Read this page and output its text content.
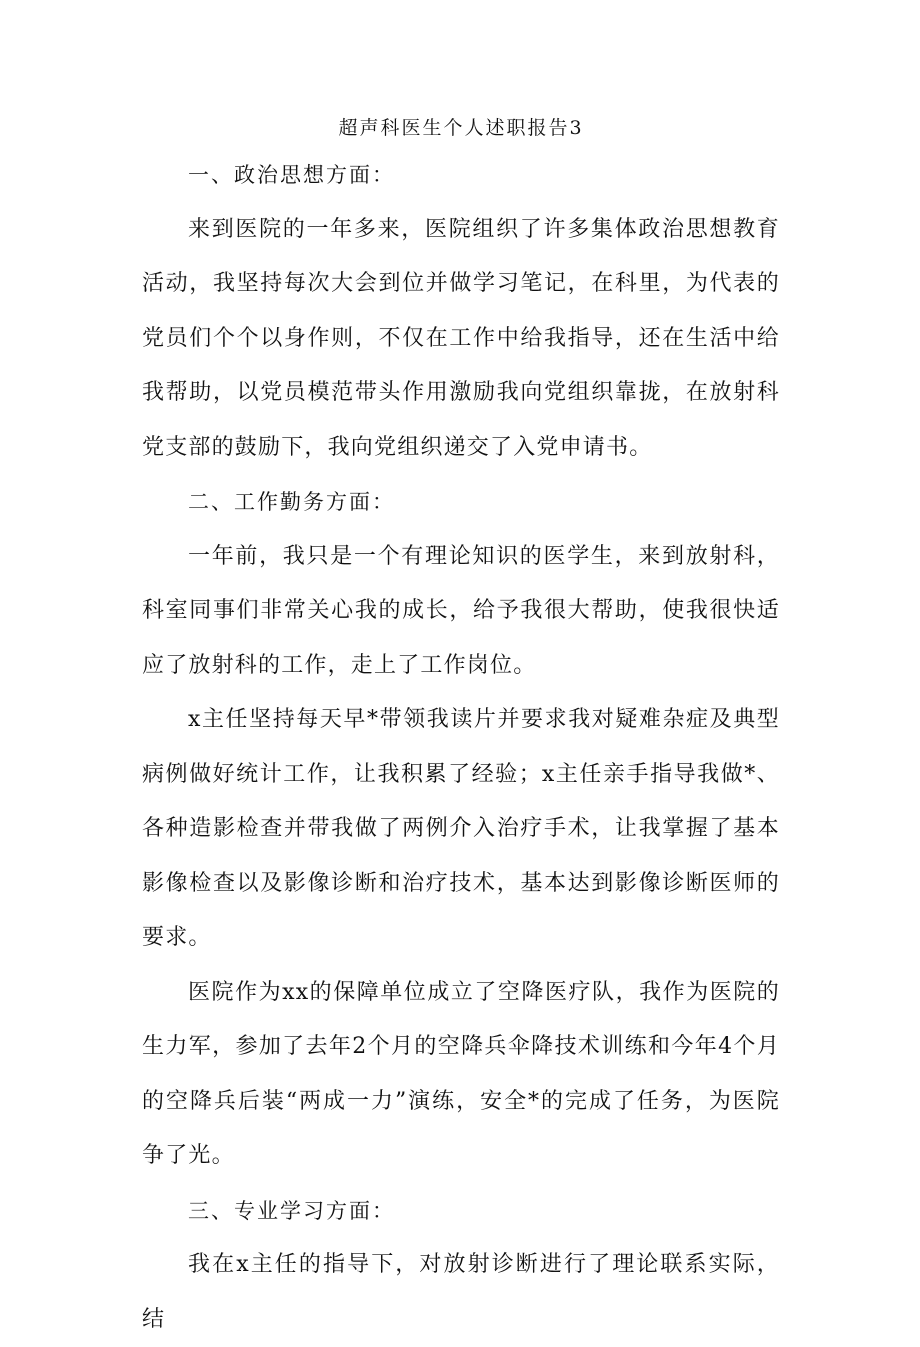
超声科医生个人述职报告3
一、政治思想方面：

来到医院的一年多来，医院组织了许多集体政治思想教育活动，我坚持每次大会到位并做学习笔记，在科里，为代表的党员们个个以身作则，不仅在工作中给我指导，还在生活中给我帮助，以党员模范带头作用激励我向党组织靠拢，在放射科党支部的鼓励下，我向党组织递交了入党申请书。

二、工作勤务方面：

一年前，我只是一个有理论知识的医学生，来到放射科，科室同事们非常关心我的成长，给予我很大帮助，使我很快适应了放射科的工作，走上了工作岗位。

x主任坚持每天早*带领我读片并要求我对疑难杂症及典型病例做好统计工作，让我积累了经验；x主任亲手指导我做*、各种造影检查并带我做了两例介入治疗手术，让我掌握了基本影像检查以及影像诊断和治疗技术，基本达到影像诊断医师的要求。

医院作为xx的保障单位成立了空降医疗队，我作为医院的生力军，参加了去年2个月的空降兵伞降技术训练和今年4个月的空降兵后装“两成一力”演练，安全*的完成了任务，为医院争了光。

三、专业学习方面：

我在x主任的指导下，对放射诊断进行了理论联系实际，结
